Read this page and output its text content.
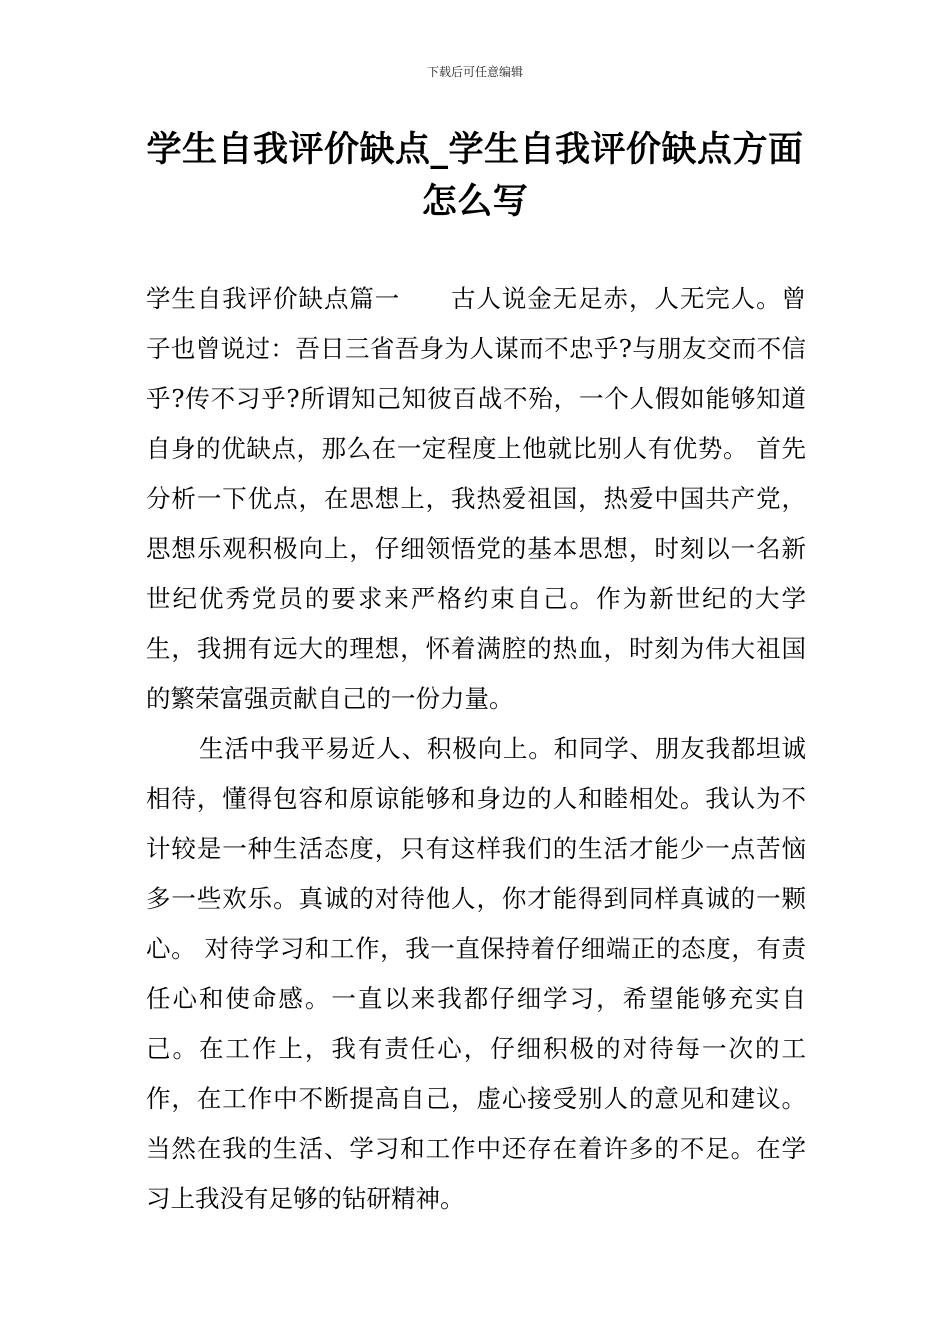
下载后可任意编辑
学生自我评价缺点_学生自我评价缺点方面怎么写

学生自我评价缺点篇一　　古人说金无足赤，人无完人。曾子也曾说过：吾日三省吾身为人谋而不忠乎?与朋友交而不信乎?传不习乎?所谓知己知彼百战不殆，一个人假如能够知道自身的优缺点，那么在一定程度上他就比别人有优势。 首先分析一下优点，在思想上，我热爱祖国，热爱中国共产党，思想乐观积极向上，仔细领悟党的基本思想，时刻以一名新世纪优秀党员的要求来严格约束自己。作为新世纪的大学生，我拥有远大的理想，怀着满腔的热血，时刻为伟大祖国的繁荣富强贡献自己的一份力量。

生活中我平易近人、积极向上。和同学、朋友我都坦诚相待，懂得包容和原谅能够和身边的人和睦相处。我认为不计较是一种生活态度，只有这样我们的生活才能少一点苦恼多一些欢乐。真诚的对待他人，你才能得到同样真诚的一颗心。 对待学习和工作，我一直保持着仔细端正的态度，有责任心和使命感。一直以来我都仔细学习，希望能够充实自己。在工作上，我有责任心，仔细积极的对待每一次的工作，在工作中不断提高自己，虚心接受别人的意见和建议。 当然在我的生活、学习和工作中还存在着许多的不足。在学习上我没有足够的钻研精神。
